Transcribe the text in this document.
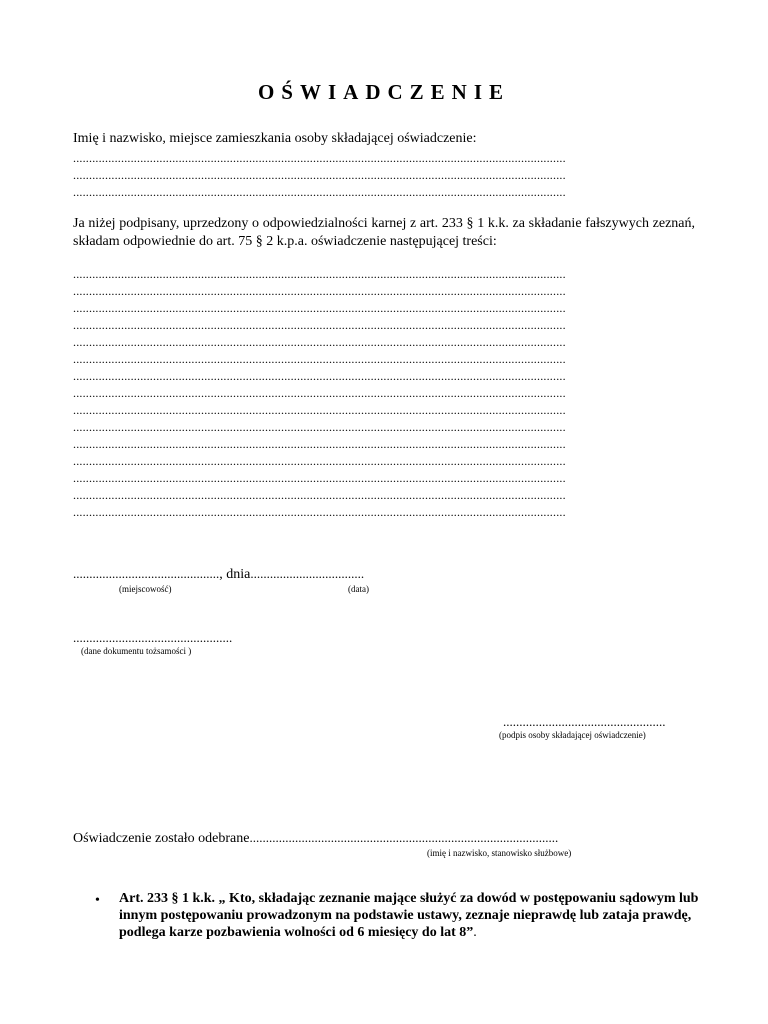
OŚWIADCZENIE
Imię i nazwisko, miejsce zamieszkania osoby składającej oświadczenie:
..........................................................................................................................................................
..........................................................................................................................................................
..........................................................................................................................................................
Ja niżej podpisany, uprzedzony o odpowiedzialności karnej z art. 233 § 1 k.k. za składanie fałszywych zeznań, składam odpowiednie do art. 75 § 2 k.p.a. oświadczenie następującej treści:
..........................................................................................................................................................
..........................................................................................................................................................
..........................................................................................................................................................
..........................................................................................................................................................
..........................................................................................................................................................
..........................................................................................................................................................
..........................................................................................................................................................
..........................................................................................................................................................
..........................................................................................................................................................
..........................................................................................................................................................
..........................................................................................................................................................
..........................................................................................................................................................
..........................................................................................................................................................
..........................................................................................................................................................
..........................................................................................................................................................
............................................., dnia...................................
(miejscowość)	(data)
.................................................
(dane dokumentu tożsamości )
..................................................
(podpis osoby składającej oświadczenie)
Oświadczenie zostało odebrane...............................................................................................
(imię i nazwisko, stanowisko służbowe)
• Art. 233 § 1 k.k. „ Kto, składając zeznanie mające służyć za dowód w postępowaniu sądowym lub innym postępowaniu prowadzonym na podstawie ustawy, zeznaje nieprawdę lub zataja prawdę, podlega karze pozbawienia wolności od 6 miesięcy do lat 8”.
